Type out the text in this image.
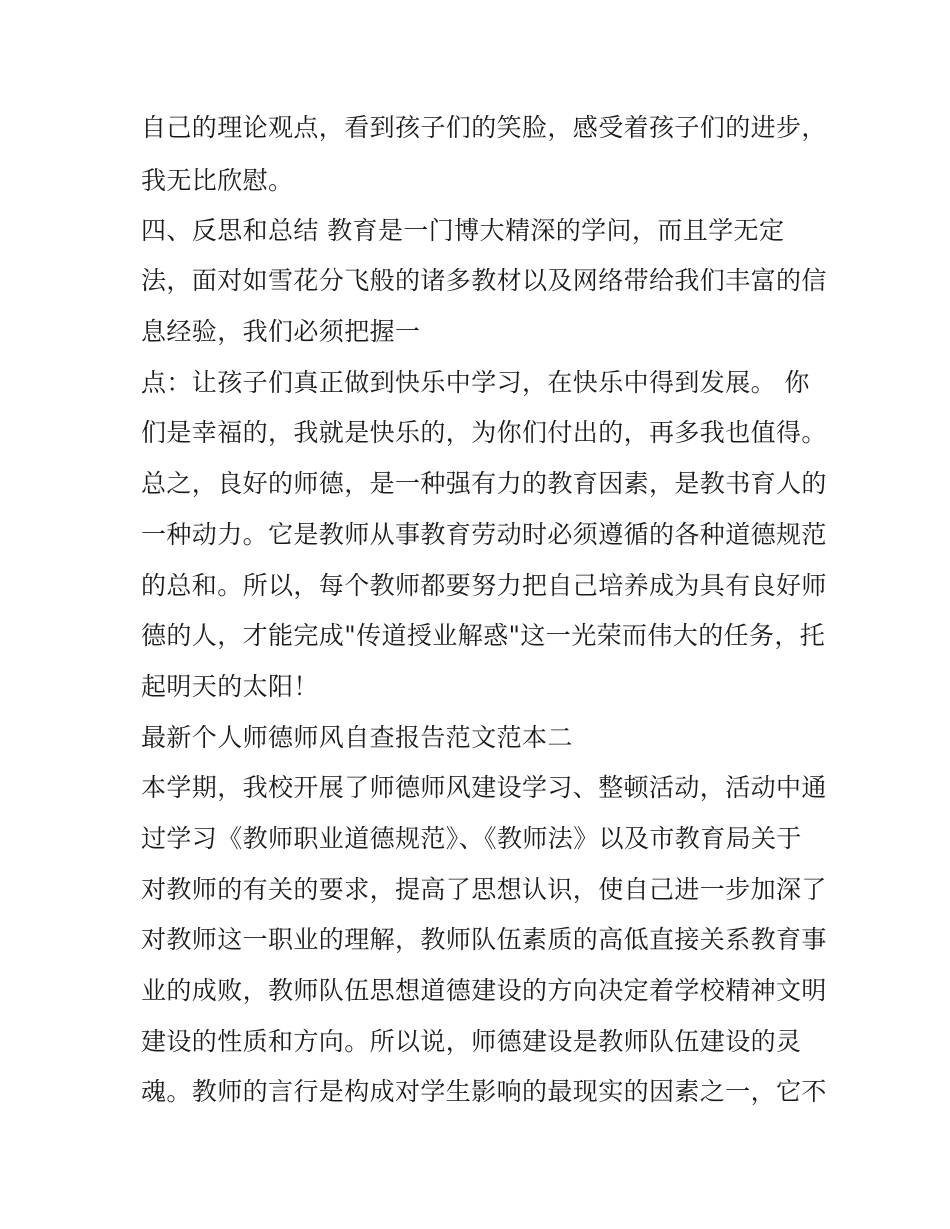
自己的理论观点，看到孩子们的笑脸，感受着孩子们的进步，
我无比欣慰。
四、反思和总结 教育是一门博大精深的学问，而且学无定
法，面对如雪花分飞般的诸多教材以及网络带给我们丰富的信
息经验，我们必须把握一
点：让孩子们真正做到快乐中学习，在快乐中得到发展。 你
们是幸福的，我就是快乐的，为你们付出的，再多我也值得。
总之，良好的师德，是一种强有力的教育因素，是教书育人的
一种动力。它是教师从事教育劳动时必须遵循的各种道德规范
的总和。所以，每个教师都要努力把自己培养成为具有良好师
德的人，才能完成"传道授业解惑"这一光荣而伟大的任务，托
起明天的太阳！
最新个人师德师风自查报告范文范本二
本学期，我校开展了师德师风建设学习、整顿活动，活动中通
过学习《教师职业道德规范》、《教师法》以及市教育局关于
对教师的有关的要求，提高了思想认识，使自己进一步加深了
对教师这一职业的理解，教师队伍素质的高低直接关系教育事
业的成败，教师队伍思想道德建设的方向决定着学校精神文明
建设的性质和方向。所以说，师德建设是教师队伍建设的灵
魂。教师的言行是构成对学生影响的最现实的因素之一，它不
